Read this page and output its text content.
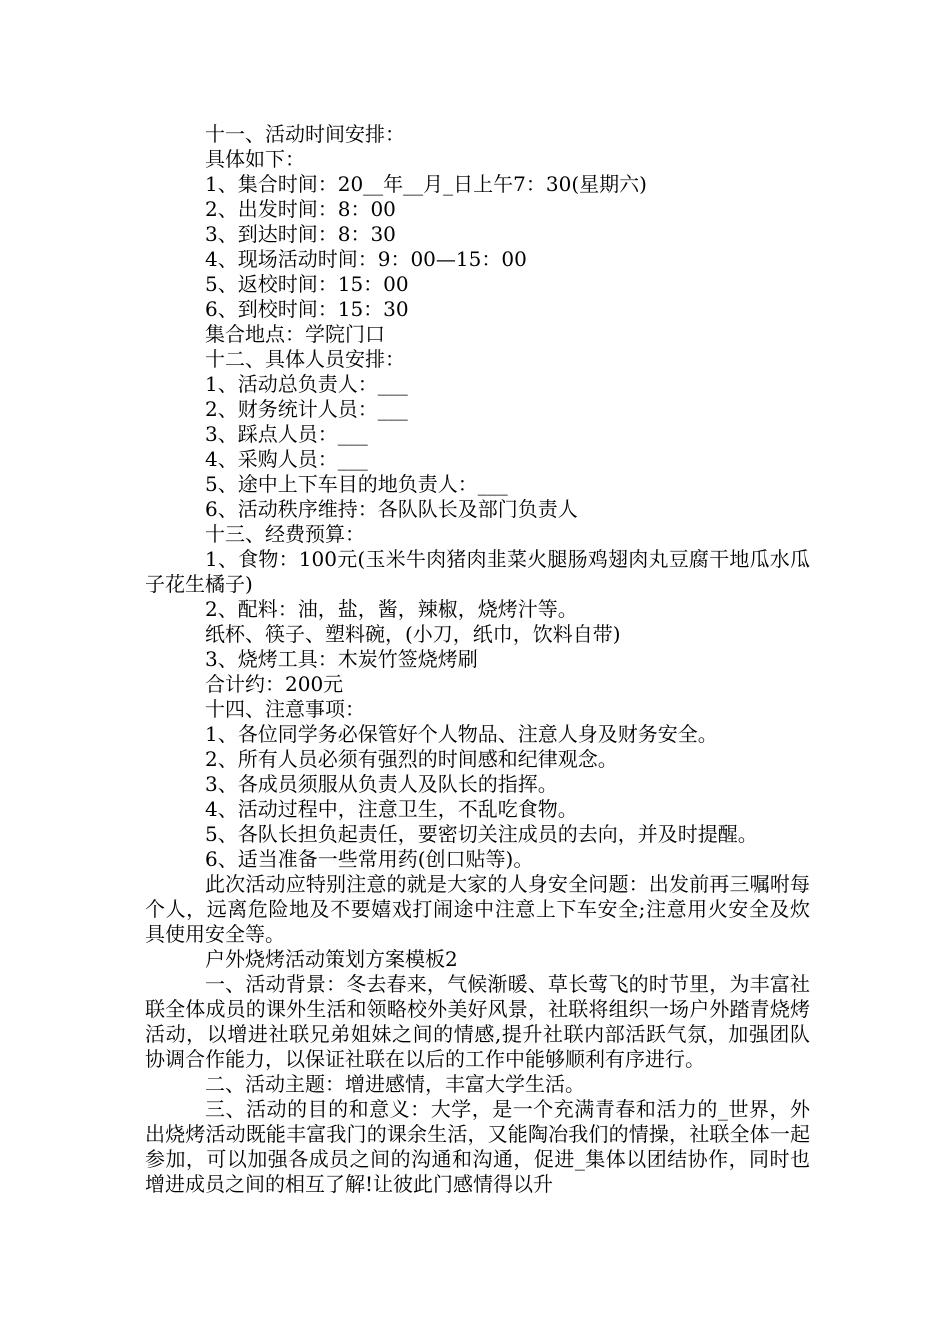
十一、活动时间安排：

具体如下：

1、集合时间：20__年__月_日上午7：30(星期六)

2、出发时间：8：00

3、到达时间：8：30

4、现场活动时间：9：00—15：00

5、返校时间：15：00

6、到校时间：15：30

集合地点：学院门口

十二、具体人员安排：

1、活动总负责人：___

2、财务统计人员：___

3、踩点人员：___

4、采购人员：___

5、途中上下车目的地负责人：___

6、活动秩序维持：各队队长及部门负责人

十三、经费预算：

1、食物：100元(玉米牛肉猪肉韭菜火腿肠鸡翅肉丸豆腐干地瓜水瓜子花生橘子)

2、配料：油，盐，酱，辣椒，烧烤汁等。

纸杯、筷子、塑料碗，(小刀，纸巾，饮料自带)

3、烧烤工具：木炭竹签烧烤刷

合计约：200元

十四、注意事项：

1、各位同学务必保管好个人物品、注意人身及财务安全。

2、所有人员必须有强烈的时间感和纪律观念。

3、各成员须服从负责人及队长的指挥。

4、活动过程中，注意卫生，不乱吃食物。

5、各队长担负起责任，要密切关注成员的去向，并及时提醒。

6、适当准备一些常用药(创口贴等)。

此次活动应特别注意的就是大家的人身安全问题：出发前再三嘱咐每个人，远离危险地及不要嬉戏打闹途中注意上下车安全;注意用火安全及炊具使用安全等。

户外烧烤活动策划方案模板2

一、活动背景：冬去春来，气候渐暖、草长莺飞的时节里，为丰富社联全体成员的课外生活和领略校外美好风景，社联将组织一场户外踏青烧烤活动，以增进社联兄弟姐妹之间的情感,提升社联内部活跃气氛，加强团队协调合作能力，以保证社联在以后的工作中能够顺利有序进行。

二、活动主题：增进感情，丰富大学生活。

三、活动的目的和意义：大学，是一个充满青春和活力的_世界，外出烧烤活动既能丰富我门的课余生活，又能陶冶我们的情操，社联全体一起参加，可以加强各成员之间的沟通和沟通，促进_集体以团结协作，同时也增进成员之间的相互了解!让彼此门感情得以升
